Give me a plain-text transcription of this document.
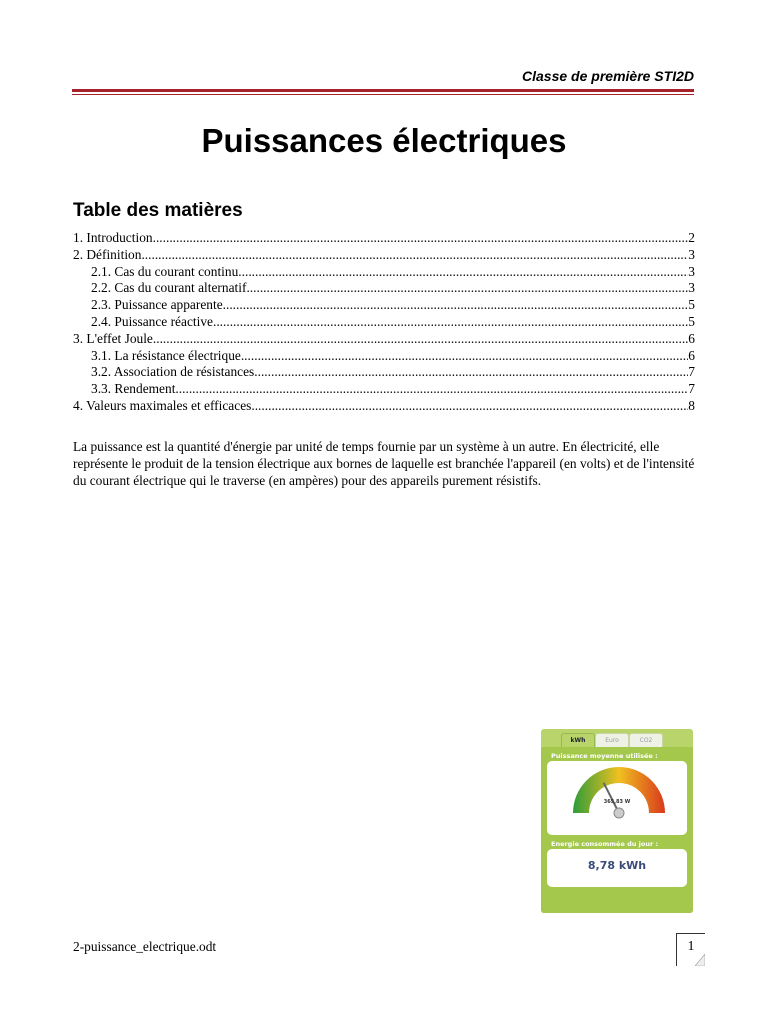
Classe de première STI2D
Puissances électriques
Table des matières
1. Introduction .....	2
2. Définition .....	3
2.1. Cas du courant continu .....	3
2.2. Cas du courant alternatif .....	3
2.3. Puissance apparente .....	5
2.4. Puissance réactive .....	5
3. L'effet Joule .....	6
3.1. La résistance électrique .....	6
3.2. Association de résistances .....	7
3.3. Rendement .....	7
4. Valeurs maximales et efficaces .....	8
La puissance est la quantité d'énergie par unité de temps fournie par un système à un autre. En électricité, elle représente le produit de la tension électrique aux bornes de laquelle est branchée l'appareil (en volts) et de l'intensité du courant électrique qui le traverse (en ampères) pour des appareils purement résistifs.
kWh	Euro	CO2
Puissance moyenne utilisée :
365,83 W
Energie consommée du jour :
8,78 kWh
2-puissance_electrique.odt	1
